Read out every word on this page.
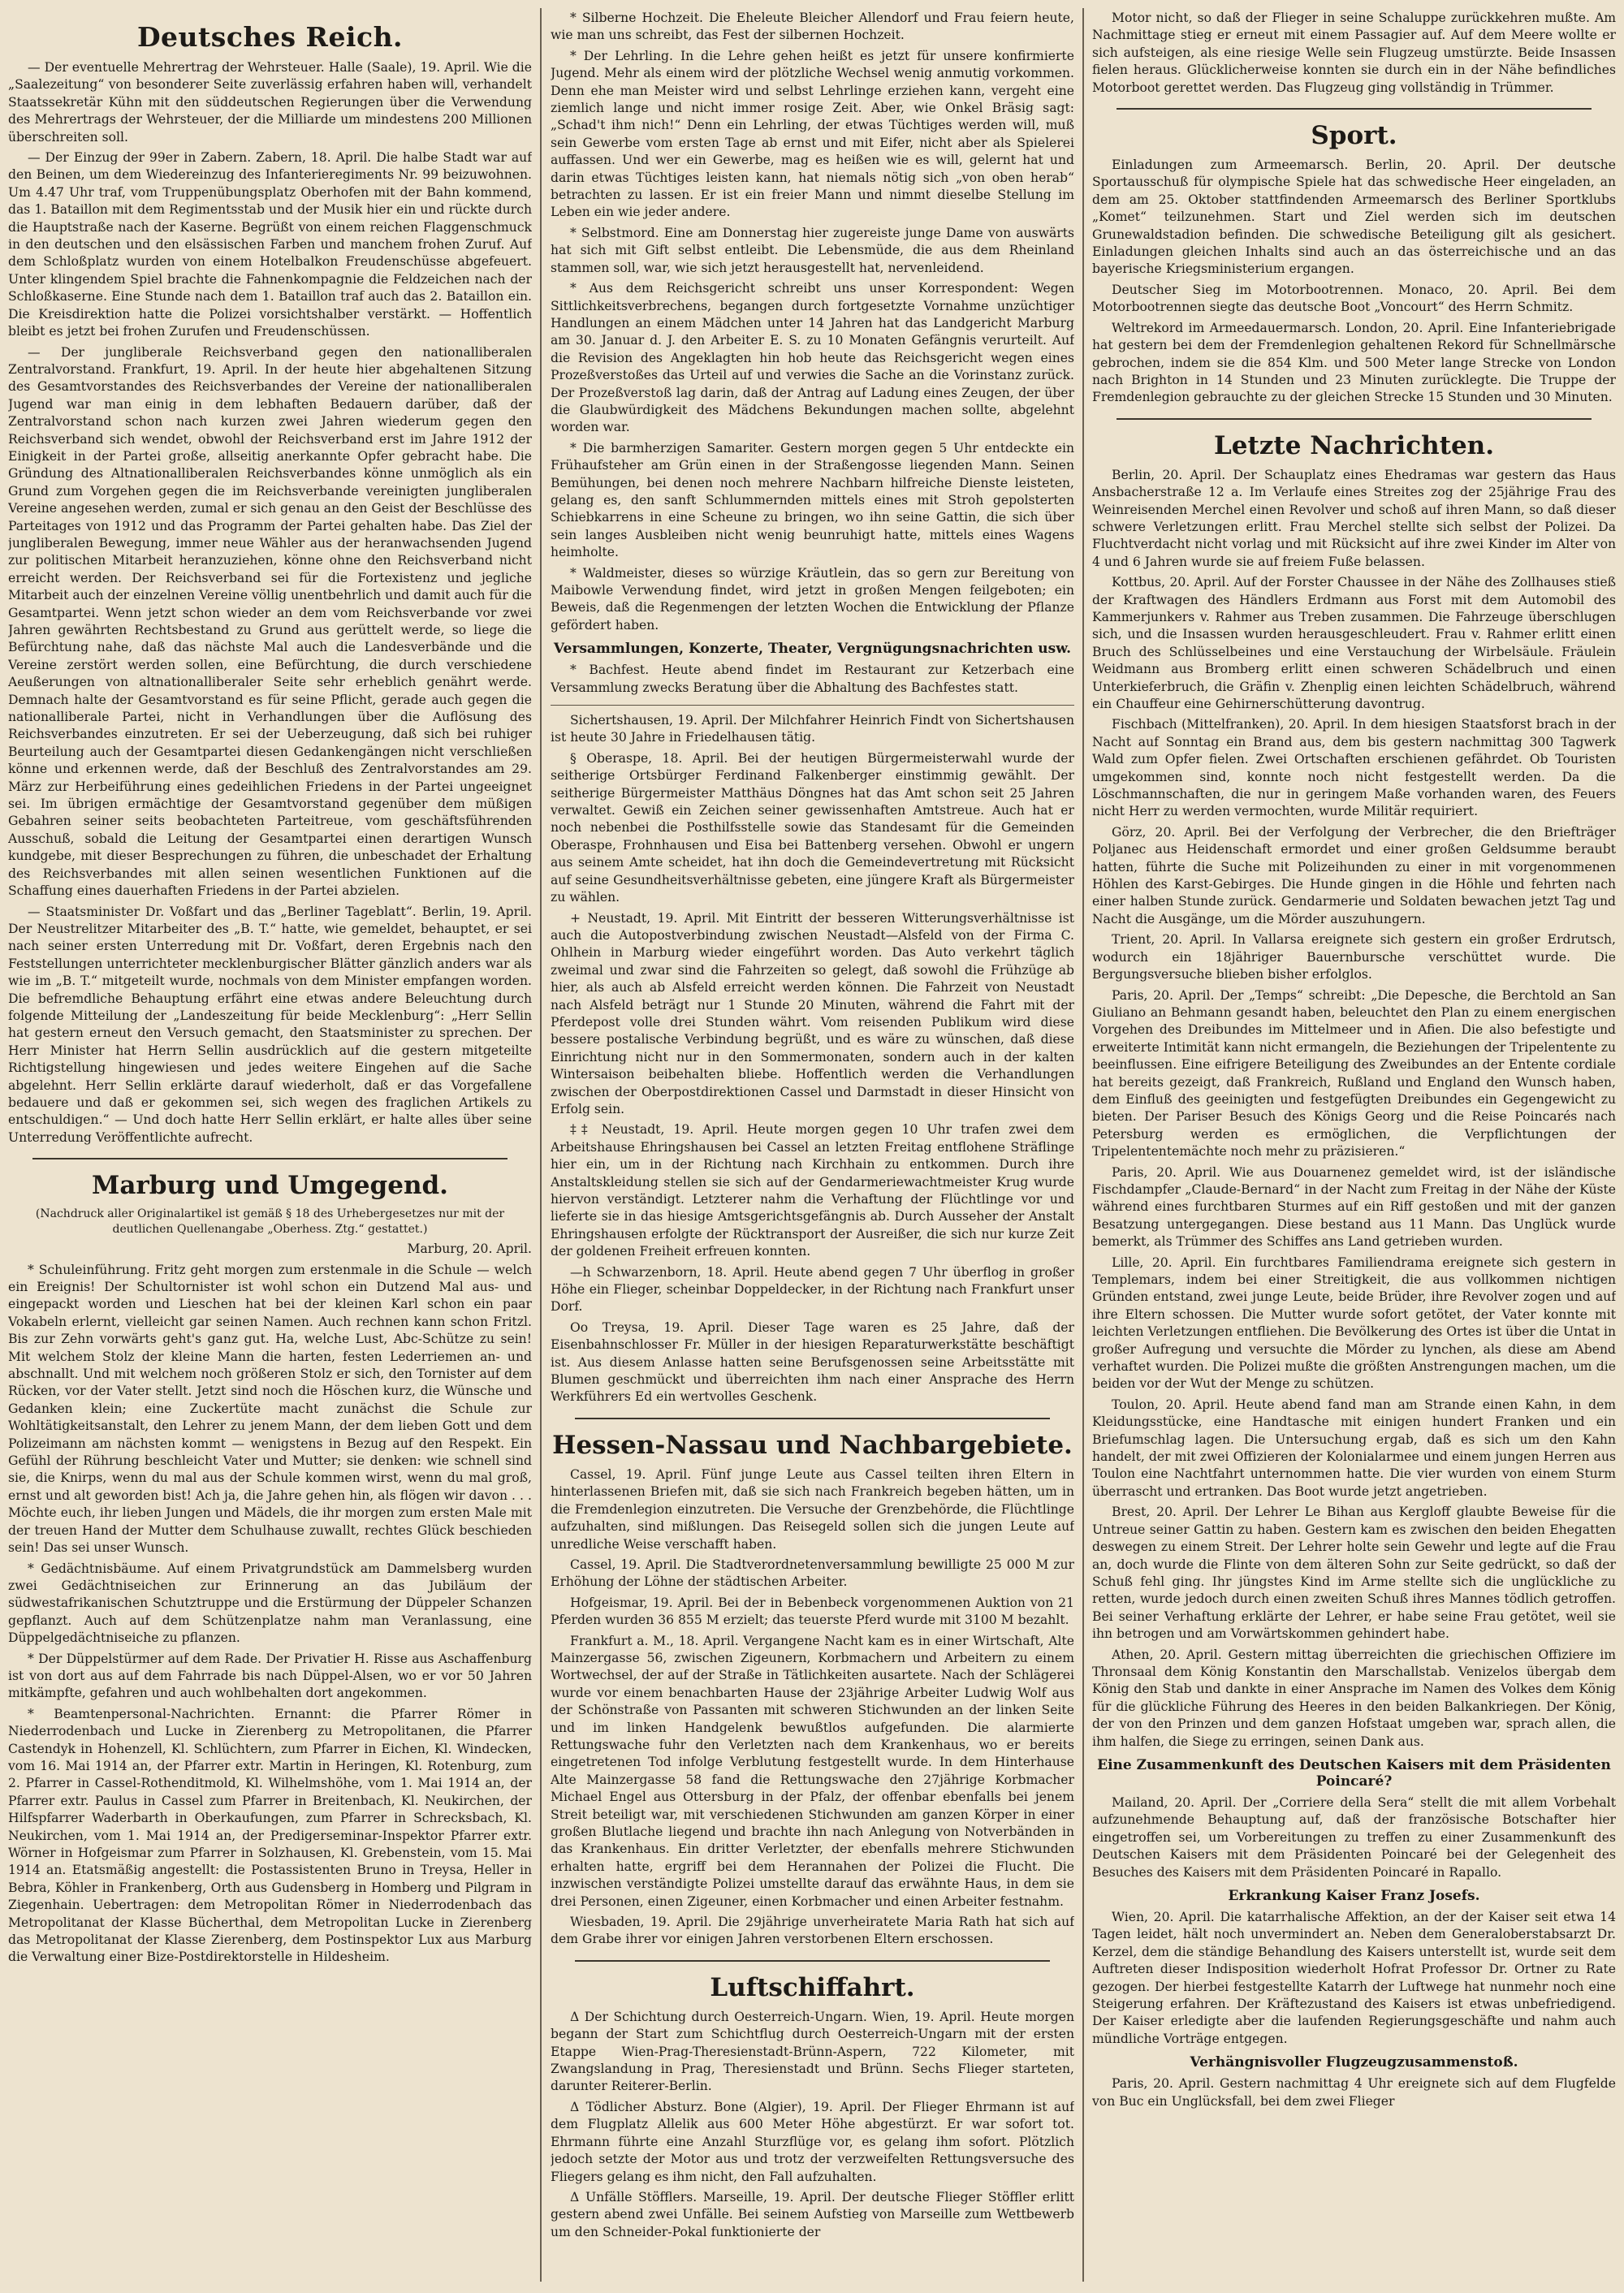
Deutsches Reich.

— Der eventuelle Mehrertrag der Wehrsteuer. Halle (Saale), 19. April. Wie die „Saalezeitung“ von besonderer Seite zuverlässig erfahren haben will, verhandelt Staatssekretär Kühn mit den süddeutschen Regierungen über die Verwendung des Mehrertrags der Wehrsteuer, der die Milliarde um mindestens 200 Millionen überschreiten soll.

— Der Einzug der 99er in Zabern. Zabern, 18. April. Die halbe Stadt war auf den Beinen, um dem Wiedereinzug des Infanterieregiments Nr. 99 beizuwohnen. Um 4.47 Uhr traf, vom Truppenübungsplatz Oberhofen mit der Bahn kommend, das 1. Bataillon mit dem Regimentsstab und der Musik hier ein und rückte durch die Hauptstraße nach der Kaserne. Begrüßt von einem reichen Flaggenschmuck in den deutschen und den elsässischen Farben und manchem frohen Zuruf. Auf dem Schloßplatz wurden von einem Hotelbalkon Freudenschüsse abgefeuert. Unter klingendem Spiel brachte die Fahnenkompagnie die Feldzeichen nach der Schloßkaserne. Eine Stunde nach dem 1. Bataillon traf auch das 2. Bataillon ein. Die Kreisdirektion hatte die Polizei vorsichtshalber verstärkt. — Hoffentlich bleibt es jetzt bei frohen Zurufen und Freudenschüssen.

— Der jungliberale Reichsverband gegen den nationalliberalen Zentralvorstand. Frankfurt, 19. April. In der heute hier abgehaltenen Sitzung des Gesamtvorstandes des Reichsverbandes der Vereine der nationalliberalen Jugend war man einig in dem lebhaften Bedauern darüber, daß der Zentralvorstand schon nach kurzen zwei Jahren wiederum gegen den Reichsverband sich wendet, obwohl der Reichsverband erst im Jahre 1912 der Einigkeit in der Partei große, allseitig anerkannte Opfer gebracht habe. Die Gründung des Altnationalliberalen Reichsverbandes könne unmöglich als ein Grund zum Vorgehen gegen die im Reichsverbande vereinigten jungliberalen Vereine angesehen werden, zumal er sich genau an den Geist der Beschlüsse des Parteitages von 1912 und das Programm der Partei gehalten habe. Das Ziel der jungliberalen Bewegung, immer neue Wähler aus der heranwachsenden Jugend zur politischen Mitarbeit heranzuziehen, könne ohne den Reichsverband nicht erreicht werden. Der Reichsverband sei für die Fortexistenz und jegliche Mitarbeit auch der einzelnen Vereine völlig unentbehrlich und damit auch für die Gesamtpartei. Wenn jetzt schon wieder an dem vom Reichsverbande vor zwei Jahren gewährten Rechtsbestand zu Grund aus gerüttelt werde, so liege die Befürchtung nahe, daß das nächste Mal auch die Landesverbände und die Vereine zerstört werden sollen, eine Befürchtung, die durch verschiedene Aeußerungen von altnationalliberaler Seite sehr erheblich genährt werde. Demnach halte der Gesamtvorstand es für seine Pflicht, gerade auch gegen die nationalliberale Partei, nicht in Verhandlungen über die Auflösung des Reichsverbandes einzutreten. Er sei der Ueberzeugung, daß sich bei ruhiger Beurteilung auch der Gesamtpartei diesen Gedankengängen nicht verschließen könne und erkennen werde, daß der Beschluß des Zentralvorstandes am 29. März zur Herbeiführung eines gedeihlichen Friedens in der Partei ungeeignet sei. Im übrigen ermächtige der Gesamtvorstand gegenüber dem müßigen Gebahren seiner seits beobachteten Parteitreue, vom geschäftsführenden Ausschuß, sobald die Leitung der Gesamtpartei einen derartigen Wunsch kundgebe, mit dieser Besprechungen zu führen, die unbeschadet der Erhaltung des Reichsverbandes mit allen seinen wesentlichen Funktionen auf die Schaffung eines dauerhaften Friedens in der Partei abzielen.

— Staatsminister Dr. Voßfart und das „Berliner Tageblatt“. Berlin, 19. April. Der Neustrelitzer Mitarbeiter des „B. T.“ hatte, wie gemeldet, behauptet, er sei nach seiner ersten Unterredung mit Dr. Voßfart, deren Ergebnis nach den Feststellungen unterrichteter mecklenburgischer Blätter gänzlich anders war als wie im „B. T.“ mitgeteilt wurde, nochmals von dem Minister empfangen worden. Die befremdliche Behauptung erfährt eine etwas andere Beleuchtung durch folgende Mitteilung der „Landeszeitung für beide Mecklenburg“: „Herr Sellin hat gestern erneut den Versuch gemacht, den Staatsminister zu sprechen. Der Herr Minister hat Herrn Sellin ausdrücklich auf die gestern mitgeteilte Richtigstellung hingewiesen und jedes weitere Eingehen auf die Sache abgelehnt. Herr Sellin erklärte darauf wiederholt, daß er das Vorgefallene bedauere und daß er gekommen sei, sich wegen des fraglichen Artikels zu entschuldigen.“ — Und doch hatte Herr Sellin erklärt, er halte alles über seine Unterredung Veröffentlichte aufrecht.

Marburg und Umgegend.

(Nachdruck aller Originalartikel ist gemäß § 18 des Urhebergesetzes nur mit der deutlichen Quellenangabe „Oberhess. Ztg.“ gestattet.)

Marburg, 20. April.

* Schuleinführung. Fritz geht morgen zum erstenmale in die Schule — welch ein Ereignis! Der Schultornister ist wohl schon ein Dutzend Mal aus- und eingepackt worden und Lieschen hat bei der kleinen Karl schon ein paar Vokabeln erlernt, vielleicht gar seinen Namen. Auch rechnen kann schon Fritzl. Bis zur Zehn vorwärts geht's ganz gut. Ha, welche Lust, Abc-Schütze zu sein! Mit welchem Stolz der kleine Mann die harten, festen Lederriemen an- und abschnallt. Und mit welchem noch größeren Stolz er sich, den Tornister auf dem Rücken, vor der Vater stellt. Jetzt sind noch die Höschen kurz, die Wünsche und Gedanken klein; eine Zuckertüte macht zunächst die Schule zur Wohltätigkeitsanstalt, den Lehrer zu jenem Mann, der dem lieben Gott und dem Polizeimann am nächsten kommt — wenigstens in Bezug auf den Respekt. Ein Gefühl der Rührung beschleicht Vater und Mutter; sie denken: wie schnell sind sie, die Knirps, wenn du mal aus der Schule kommen wirst, wenn du mal groß, ernst und alt geworden bist! Ach ja, die Jahre gehen hin, als flögen wir davon . . . Möchte euch, ihr lieben Jungen und Mädels, die ihr morgen zum ersten Male mit der treuen Hand der Mutter dem Schulhause zuwallt, rechtes Glück beschieden sein! Das sei unser Wunsch.

* Gedächtnisbäume. Auf einem Privatgrundstück am Dammelsberg wurden zwei Gedächtniseichen zur Erinnerung an das Jubiläum der südwestafrikanischen Schutztruppe und die Erstürmung der Düppeler Schanzen gepflanzt. Auch auf dem Schützenplatze nahm man Veranlassung, eine Düppelgedächtniseiche zu pflanzen.

* Der Düppelstürmer auf dem Rade. Der Privatier H. Risse aus Aschaffenburg ist von dort aus auf dem Fahrrade bis nach Düppel-Alsen, wo er vor 50 Jahren mitkämpfte, gefahren und auch wohlbehalten dort angekommen.

* Beamtenpersonal-Nachrichten. Ernannt: die Pfarrer Römer in Niederrodenbach und Lucke in Zierenberg zu Metropolitanen, die Pfarrer Castendyk in Hohenzell, Kl. Schlüchtern, zum Pfarrer in Eichen, Kl. Windecken, vom 16. Mai 1914 an, der Pfarrer extr. Martin in Heringen, Kl. Rotenburg, zum 2. Pfarrer in Cassel-Rothenditmold, Kl. Wilhelmshöhe, vom 1. Mai 1914 an, der Pfarrer extr. Paulus in Cassel zum Pfarrer in Breitenbach, Kl. Neukirchen, der Hilfspfarrer Waderbarth in Oberkaufungen, zum Pfarrer in Schrecksbach, Kl. Neukirchen, vom 1. Mai 1914 an, der Predigerseminar-Inspektor Pfarrer extr. Wörner in Hofgeismar zum Pfarrer in Solzhausen, Kl. Grebenstein, vom 15. Mai 1914 an. Etatsmäßig angestellt: die Postassistenten Bruno in Treysa, Heller in Bebra, Köhler in Frankenberg, Orth aus Gudensberg in Homberg und Pilgram in Ziegenhain. Uebertragen: dem Metropolitan Römer in Niederrodenbach das Metropolitanat der Klasse Bücherthal, dem Metropolitan Lucke in Zierenberg das Metropolitanat der Klasse Zierenberg, dem Postinspektor Lux aus Marburg die Verwaltung einer Bize-Postdirektorstelle in Hildesheim.

* Silberne Hochzeit. Die Eheleute Bleicher Allendorf und Frau feiern heute, wie man uns schreibt, das Fest der silbernen Hochzeit.

* Der Lehrling. In die Lehre gehen heißt es jetzt für unsere konfirmierte Jugend. Mehr als einem wird der plötzliche Wechsel wenig anmutig vorkommen. Denn ehe man Meister wird und selbst Lehrlinge erziehen kann, vergeht eine ziemlich lange und nicht immer rosige Zeit. Aber, wie Onkel Bräsig sagt: „Schad't ihm nich!“ Denn ein Lehrling, der etwas Tüchtiges werden will, muß sein Gewerbe vom ersten Tage ab ernst und mit Eifer, nicht aber als Spielerei auffassen. Und wer ein Gewerbe, mag es heißen wie es will, gelernt hat und darin etwas Tüchtiges leisten kann, hat niemals nötig sich „von oben herab“ betrachten zu lassen. Er ist ein freier Mann und nimmt dieselbe Stellung im Leben ein wie jeder andere.

* Selbstmord. Eine am Donnerstag hier zugereiste junge Dame von auswärts hat sich mit Gift selbst entleibt. Die Lebensmüde, die aus dem Rheinland stammen soll, war, wie sich jetzt herausgestellt hat, nervenleidend.

* Aus dem Reichsgericht schreibt uns unser Korrespondent: Wegen Sittlichkeitsverbrechens, begangen durch fortgesetzte Vornahme unzüchtiger Handlungen an einem Mädchen unter 14 Jahren hat das Landgericht Marburg am 30. Januar d. J. den Arbeiter E. S. zu 10 Monaten Gefängnis verurteilt. Auf die Revision des Angeklagten hin hob heute das Reichsgericht wegen eines Prozeßverstoßes das Urteil auf und verwies die Sache an die Vorinstanz zurück. Der Prozeßverstoß lag darin, daß der Antrag auf Ladung eines Zeugen, der über die Glaubwürdigkeit des Mädchens Bekundungen machen sollte, abgelehnt worden war.

* Die barmherzigen Samariter. Gestern morgen gegen 5 Uhr entdeckte ein Frühaufsteher am Grün einen in der Straßengosse liegenden Mann. Seinen Bemühungen, bei denen noch mehrere Nachbarn hilfreiche Dienste leisteten, gelang es, den sanft Schlummernden mittels eines mit Stroh gepolsterten Schiebkarrens in eine Scheune zu bringen, wo ihn seine Gattin, die sich über sein langes Ausbleiben nicht wenig beunruhigt hatte, mittels eines Wagens heimholte.

* Waldmeister, dieses so würzige Kräutlein, das so gern zur Bereitung von Maibowle Verwendung findet, wird jetzt in großen Mengen feilgeboten; ein Beweis, daß die Regenmengen der letzten Wochen die Entwicklung der Pflanze gefördert haben.

Versammlungen, Konzerte, Theater, Vergnügungsnachrichten usw.

* Bachfest. Heute abend findet im Restaurant zur Ketzerbach eine Versammlung zwecks Beratung über die Abhaltung des Bachfestes statt.

Sichertshausen, 19. April. Der Milchfahrer Heinrich Findt von Sichertshausen ist heute 30 Jahre in Friedelhausen tätig.

§ Oberaspe, 18. April. Bei der heutigen Bürgermeisterwahl wurde der seitherige Ortsbürger Ferdinand Falkenberger einstimmig gewählt. Der seitherige Bürgermeister Matthäus Döngnes hat das Amt schon seit 25 Jahren verwaltet. Gewiß ein Zeichen seiner gewissenhaften Amtstreue. Auch hat er noch nebenbei die Posthilfsstelle sowie das Standesamt für die Gemeinden Oberaspe, Frohnhausen und Eisa bei Battenberg versehen. Obwohl er ungern aus seinem Amte scheidet, hat ihn doch die Gemeindevertretung mit Rücksicht auf seine Gesundheitsverhältnisse gebeten, eine jüngere Kraft als Bürgermeister zu wählen.

+ Neustadt, 19. April. Mit Eintritt der besseren Witterungsverhältnisse ist auch die Autopostverbindung zwischen Neustadt—Alsfeld von der Firma C. Ohlhein in Marburg wieder eingeführt worden. Das Auto verkehrt täglich zweimal und zwar sind die Fahrzeiten so gelegt, daß sowohl die Frühzüge ab hier, als auch ab Alsfeld erreicht werden können. Die Fahrzeit von Neustadt nach Alsfeld beträgt nur 1 Stunde 20 Minuten, während die Fahrt mit der Pferdepost volle drei Stunden währt. Vom reisenden Publikum wird diese bessere postalische Verbindung begrüßt, und es wäre zu wünschen, daß diese Einrichtung nicht nur in den Sommermonaten, sondern auch in der kalten Wintersaison beibehalten bliebe. Hoffentlich werden die Verhandlungen zwischen der Oberpostdirektionen Cassel und Darmstadt in dieser Hinsicht von Erfolg sein.

‡‡ Neustadt, 19. April. Heute morgen gegen 10 Uhr trafen zwei dem Arbeitshause Ehringshausen bei Cassel an letzten Freitag entflohene Sträflinge hier ein, um in der Richtung nach Kirchhain zu entkommen. Durch ihre Anstaltskleidung stellen sie sich auf der Gendarmeriewachtmeister Krug wurde hiervon verständigt. Letzterer nahm die Verhaftung der Flüchtlinge vor und lieferte sie in das hiesige Amtsgerichtsgefängnis ab. Durch Ausseher der Anstalt Ehringshausen erfolgte der Rücktransport der Ausreißer, die sich nur kurze Zeit der goldenen Freiheit erfreuen konnten.

—h Schwarzenborn, 18. April. Heute abend gegen 7 Uhr überflog in großer Höhe ein Flieger, scheinbar Doppeldecker, in der Richtung nach Frankfurt unser Dorf.

Oo Treysa, 19. April. Dieser Tage waren es 25 Jahre, daß der Eisenbahnschlosser Fr. Müller in der hiesigen Reparaturwerkstätte beschäftigt ist. Aus diesem Anlasse hatten seine Berufsgenossen seine Arbeitsstätte mit Blumen geschmückt und überreichten ihm nach einer Ansprache des Herrn Werkführers Ed ein wertvolles Geschenk.

Hessen-Nassau und Nachbargebiete.

Cassel, 19. April. Fünf junge Leute aus Cassel teilten ihren Eltern in hinterlassenen Briefen mit, daß sie sich nach Frankreich begeben hätten, um in die Fremdenlegion einzutreten. Die Versuche der Grenzbehörde, die Flüchtlinge aufzuhalten, sind mißlungen. Das Reisegeld sollen sich die jungen Leute auf unredliche Weise verschafft haben.

Cassel, 19. April. Die Stadtverordnetenversammlung bewilligte 25 000 M zur Erhöhung der Löhne der städtischen Arbeiter.

Hofgeismar, 19. April. Bei der in Bebenbeck vorgenommenen Auktion von 21 Pferden wurden 36 855 M erzielt; das teuerste Pferd wurde mit 3100 M bezahlt.

Frankfurt a. M., 18. April. Vergangene Nacht kam es in einer Wirtschaft, Alte Mainzergasse 56, zwischen Zigeunern, Korbmachern und Arbeitern zu einem Wortwechsel, der auf der Straße in Tätlichkeiten ausartete. Nach der Schlägerei wurde vor einem benachbarten Hause der 23jährige Arbeiter Ludwig Wolf aus der Schönstraße von Passanten mit schweren Stichwunden an der linken Seite und im linken Handgelenk bewußtlos aufgefunden. Die alarmierte Rettungswache fuhr den Verletzten nach dem Krankenhaus, wo er bereits eingetretenen Tod infolge Verblutung festgestellt wurde. In dem Hinterhause Alte Mainzergasse 58 fand die Rettungswache den 27jährige Korbmacher Michael Engel aus Ottersburg in der Pfalz, der offenbar ebenfalls bei jenem Streit beteiligt war, mit verschiedenen Stichwunden am ganzen Körper in einer großen Blutlache liegend und brachte ihn nach Anlegung von Notverbänden in das Krankenhaus. Ein dritter Verletzter, der ebenfalls mehrere Stichwunden erhalten hatte, ergriff bei dem Herannahen der Polizei die Flucht. Die inzwischen verständigte Polizei umstellte darauf das erwähnte Haus, in dem sie drei Personen, einen Zigeuner, einen Korbmacher und einen Arbeiter festnahm.

Wiesbaden, 19. April. Die 29jährige unverheiratete Maria Rath hat sich auf dem Grabe ihrer vor einigen Jahren verstorbenen Eltern erschossen.

Luftschiffahrt.

Δ Der Schichtung durch Oesterreich-Ungarn. Wien, 19. April. Heute morgen begann der Start zum Schichtflug durch Oesterreich-Ungarn mit der ersten Etappe Wien-Prag-Theresienstadt-Brünn-Aspern, 722 Kilometer, mit Zwangslandung in Prag, Theresienstadt und Brünn. Sechs Flieger starteten, darunter Reiterer-Berlin.

Δ Tödlicher Absturz. Bone (Algier), 19. April. Der Flieger Ehrmann ist auf dem Flugplatz Allelik aus 600 Meter Höhe abgestürzt. Er war sofort tot. Ehrmann führte eine Anzahl Sturzflüge vor, es gelang ihm sofort. Plötzlich jedoch setzte der Motor aus und trotz der verzweifelten Rettungsversuche des Fliegers gelang es ihm nicht, den Fall aufzuhalten.

Δ Unfälle Stöfflers. Marseille, 19. April. Der deutsche Flieger Stöffler erlitt gestern abend zwei Unfälle. Bei seinem Aufstieg von Marseille zum Wettbewerb um den Schneider-Pokal funktionierte der

Motor nicht, so daß der Flieger in seine Schaluppe zurückkehren mußte. Am Nachmittage stieg er erneut mit einem Passagier auf. Auf dem Meere wollte er sich aufsteigen, als eine riesige Welle sein Flugzeug umstürzte. Beide Insassen fielen heraus. Glücklicherweise konnten sie durch ein in der Nähe befindliches Motorboot gerettet werden. Das Flugzeug ging vollständig in Trümmer.

Sport.

Einladungen zum Armeemarsch. Berlin, 20. April. Der deutsche Sportausschuß für olympische Spiele hat das schwedische Heer eingeladen, an dem am 25. Oktober stattfindenden Armeemarsch des Berliner Sportklubs „Komet“ teilzunehmen. Start und Ziel werden sich im deutschen Grunewaldstadion befinden. Die schwedische Beteiligung gilt als gesichert. Einladungen gleichen Inhalts sind auch an das österreichische und an das bayerische Kriegsministerium ergangen.

Deutscher Sieg im Motorbootrennen. Monaco, 20. April. Bei dem Motorbootrennen siegte das deutsche Boot „Voncourt“ des Herrn Schmitz.

Weltrekord im Armeedauermarsch. London, 20. April. Eine Infanteriebrigade hat gestern bei dem der Fremdenlegion gehaltenen Rekord für Schnellmärsche gebrochen, indem sie die 854 Klm. und 500 Meter lange Strecke von London nach Brighton in 14 Stunden und 23 Minuten zurücklegte. Die Truppe der Fremdenlegion gebrauchte zu der gleichen Strecke 15 Stunden und 30 Minuten.

Letzte Nachrichten.

Berlin, 20. April. Der Schauplatz eines Ehedramas war gestern das Haus Ansbacherstraße 12 a. Im Verlaufe eines Streites zog der 25jährige Frau des Weinreisenden Merchel einen Revolver und schoß auf ihren Mann, so daß dieser schwere Verletzungen erlitt. Frau Merchel stellte sich selbst der Polizei. Da Fluchtverdacht nicht vorlag und mit Rücksicht auf ihre zwei Kinder im Alter von 4 und 6 Jahren wurde sie auf freiem Fuße belassen.

Kottbus, 20. April. Auf der Forster Chaussee in der Nähe des Zollhauses stieß der Kraftwagen des Händlers Erdmann aus Forst mit dem Automobil des Kammerjunkers v. Rahmer aus Treben zusammen. Die Fahrzeuge überschlugen sich, und die Insassen wurden herausgeschleudert. Frau v. Rahmer erlitt einen Bruch des Schlüsselbeines und eine Verstauchung der Wirbelsäule. Fräulein Weidmann aus Bromberg erlitt einen schweren Schädelbruch und einen Unterkieferbruch, die Gräfin v. Zhenplig einen leichten Schädelbruch, während ein Chauffeur eine Gehirnerschütterung davontrug.

Fischbach (Mittelfranken), 20. April. In dem hiesigen Staatsforst brach in der Nacht auf Sonntag ein Brand aus, dem bis gestern nachmittag 300 Tagwerk Wald zum Opfer fielen. Zwei Ortschaften erschienen gefährdet. Ob Touristen umgekommen sind, konnte noch nicht festgestellt werden. Da die Löschmannschaften, die nur in geringem Maße vorhanden waren, des Feuers nicht Herr zu werden vermochten, wurde Militär requiriert.

Görz, 20. April. Bei der Verfolgung der Verbrecher, die den Briefträger Poljanec aus Heidenschaft ermordet und einer großen Geldsumme beraubt hatten, führte die Suche mit Polizeihunden zu einer in mit vorgenommenen Höhlen des Karst-Gebirges. Die Hunde gingen in die Höhle und fehrten nach einer halben Stunde zurück. Gendarmerie und Soldaten bewachen jetzt Tag und Nacht die Ausgänge, um die Mörder auszuhungern.

Trient, 20. April. In Vallarsa ereignete sich gestern ein großer Erdrutsch, wodurch ein 18jähriger Bauernbursche verschüttet wurde. Die Bergungsversuche blieben bisher erfolglos.

Paris, 20. April. Der „Temps“ schreibt: „Die Depesche, die Berchtold an San Giuliano an Behmann gesandt haben, beleuchtet den Plan zu einem energischen Vorgehen des Dreibundes im Mittelmeer und in Afien. Die also befestigte und erweiterte Intimität kann nicht ermangeln, die Beziehungen der Tripelentente zu beeinflussen. Eine eifrigere Beteiligung des Zweibundes an der Entente cordiale hat bereits gezeigt, daß Frankreich, Rußland und England den Wunsch haben, dem Einfluß des geeinigten und festgefügten Dreibundes ein Gegengewicht zu bieten. Der Pariser Besuch des Königs Georg und die Reise Poincarés nach Petersburg werden es ermöglichen, die Verpflichtungen der Tripelententemächte noch mehr zu präzisieren.“

Paris, 20. April. Wie aus Douarnenez gemeldet wird, ist der isländische Fischdampfer „Claude-Bernard“ in der Nacht zum Freitag in der Nähe der Küste während eines furchtbaren Sturmes auf ein Riff gestoßen und mit der ganzen Besatzung untergegangen. Diese bestand aus 11 Mann. Das Unglück wurde bemerkt, als Trümmer des Schiffes ans Land getrieben wurden.

Lille, 20. April. Ein furchtbares Familiendrama ereignete sich gestern in Templemars, indem bei einer Streitigkeit, die aus vollkommen nichtigen Gründen entstand, zwei junge Leute, beide Brüder, ihre Revolver zogen und auf ihre Eltern schossen. Die Mutter wurde sofort getötet, der Vater konnte mit leichten Verletzungen entfliehen. Die Bevölkerung des Ortes ist über die Untat in großer Aufregung und versuchte die Mörder zu lynchen, als diese am Abend verhaftet wurden. Die Polizei mußte die größten Anstrengungen machen, um die beiden vor der Wut der Menge zu schützen.

Toulon, 20. April. Heute abend fand man am Strande einen Kahn, in dem Kleidungsstücke, eine Handtasche mit einigen hundert Franken und ein Briefumschlag lagen. Die Untersuchung ergab, daß es sich um den Kahn handelt, der mit zwei Offizieren der Kolonialarmee und einem jungen Herren aus Toulon eine Nachtfahrt unternommen hatte. Die vier wurden von einem Sturm überrascht und ertranken. Das Boot wurde jetzt angetrieben.

Brest, 20. April. Der Lehrer Le Bihan aus Kergloff glaubte Beweise für die Untreue seiner Gattin zu haben. Gestern kam es zwischen den beiden Ehegatten deswegen zu einem Streit. Der Lehrer holte sein Gewehr und legte auf die Frau an, doch wurde die Flinte von dem älteren Sohn zur Seite gedrückt, so daß der Schuß fehl ging. Ihr jüngstes Kind im Arme stellte sich die unglückliche zu retten, wurde jedoch durch einen zweiten Schuß ihres Mannes tödlich getroffen. Bei seiner Verhaftung erklärte der Lehrer, er habe seine Frau getötet, weil sie ihn betrogen und am Vorwärtskommen gehindert habe.

Athen, 20. April. Gestern mittag überreichten die griechischen Offiziere im Thronsaal dem König Konstantin den Marschallstab. Venizelos übergab dem König den Stab und dankte in einer Ansprache im Namen des Volkes dem König für die glückliche Führung des Heeres in den beiden Balkankriegen. Der König, der von den Prinzen und dem ganzen Hofstaat umgeben war, sprach allen, die ihm halfen, die Siege zu erringen, seinen Dank aus.

Eine Zusammenkunft des Deutschen Kaisers mit dem Präsidenten Poincaré?

Mailand, 20. April. Der „Corriere della Sera“ stellt die mit allem Vorbehalt aufzunehmende Behauptung auf, daß der französische Botschafter hier eingetroffen sei, um Vorbereitungen zu treffen zu einer Zusammenkunft des Deutschen Kaisers mit dem Präsidenten Poincaré bei der Gelegenheit des Besuches des Kaisers mit dem Präsidenten Poincaré in Rapallo.

Erkrankung Kaiser Franz Josefs.

Wien, 20. April. Die katarrhalische Affektion, an der der Kaiser seit etwa 14 Tagen leidet, hält noch unvermindert an. Neben dem Generaloberstabsarzt Dr. Kerzel, dem die ständige Behandlung des Kaisers unterstellt ist, wurde seit dem Auftreten dieser Indisposition wiederholt Hofrat Professor Dr. Ortner zu Rate gezogen. Der hierbei festgestellte Katarrh der Luftwege hat nunmehr noch eine Steigerung erfahren. Der Kräftezustand des Kaisers ist etwas unbefriedigend. Der Kaiser erledigte aber die laufenden Regierungsgeschäfte und nahm auch mündliche Vorträge entgegen.

Verhängnisvoller Flugzeugzusammenstoß.

Paris, 20. April. Gestern nachmittag 4 Uhr ereignete sich auf dem Flugfelde von Buc ein Unglücksfall, bei dem zwei Flieger
